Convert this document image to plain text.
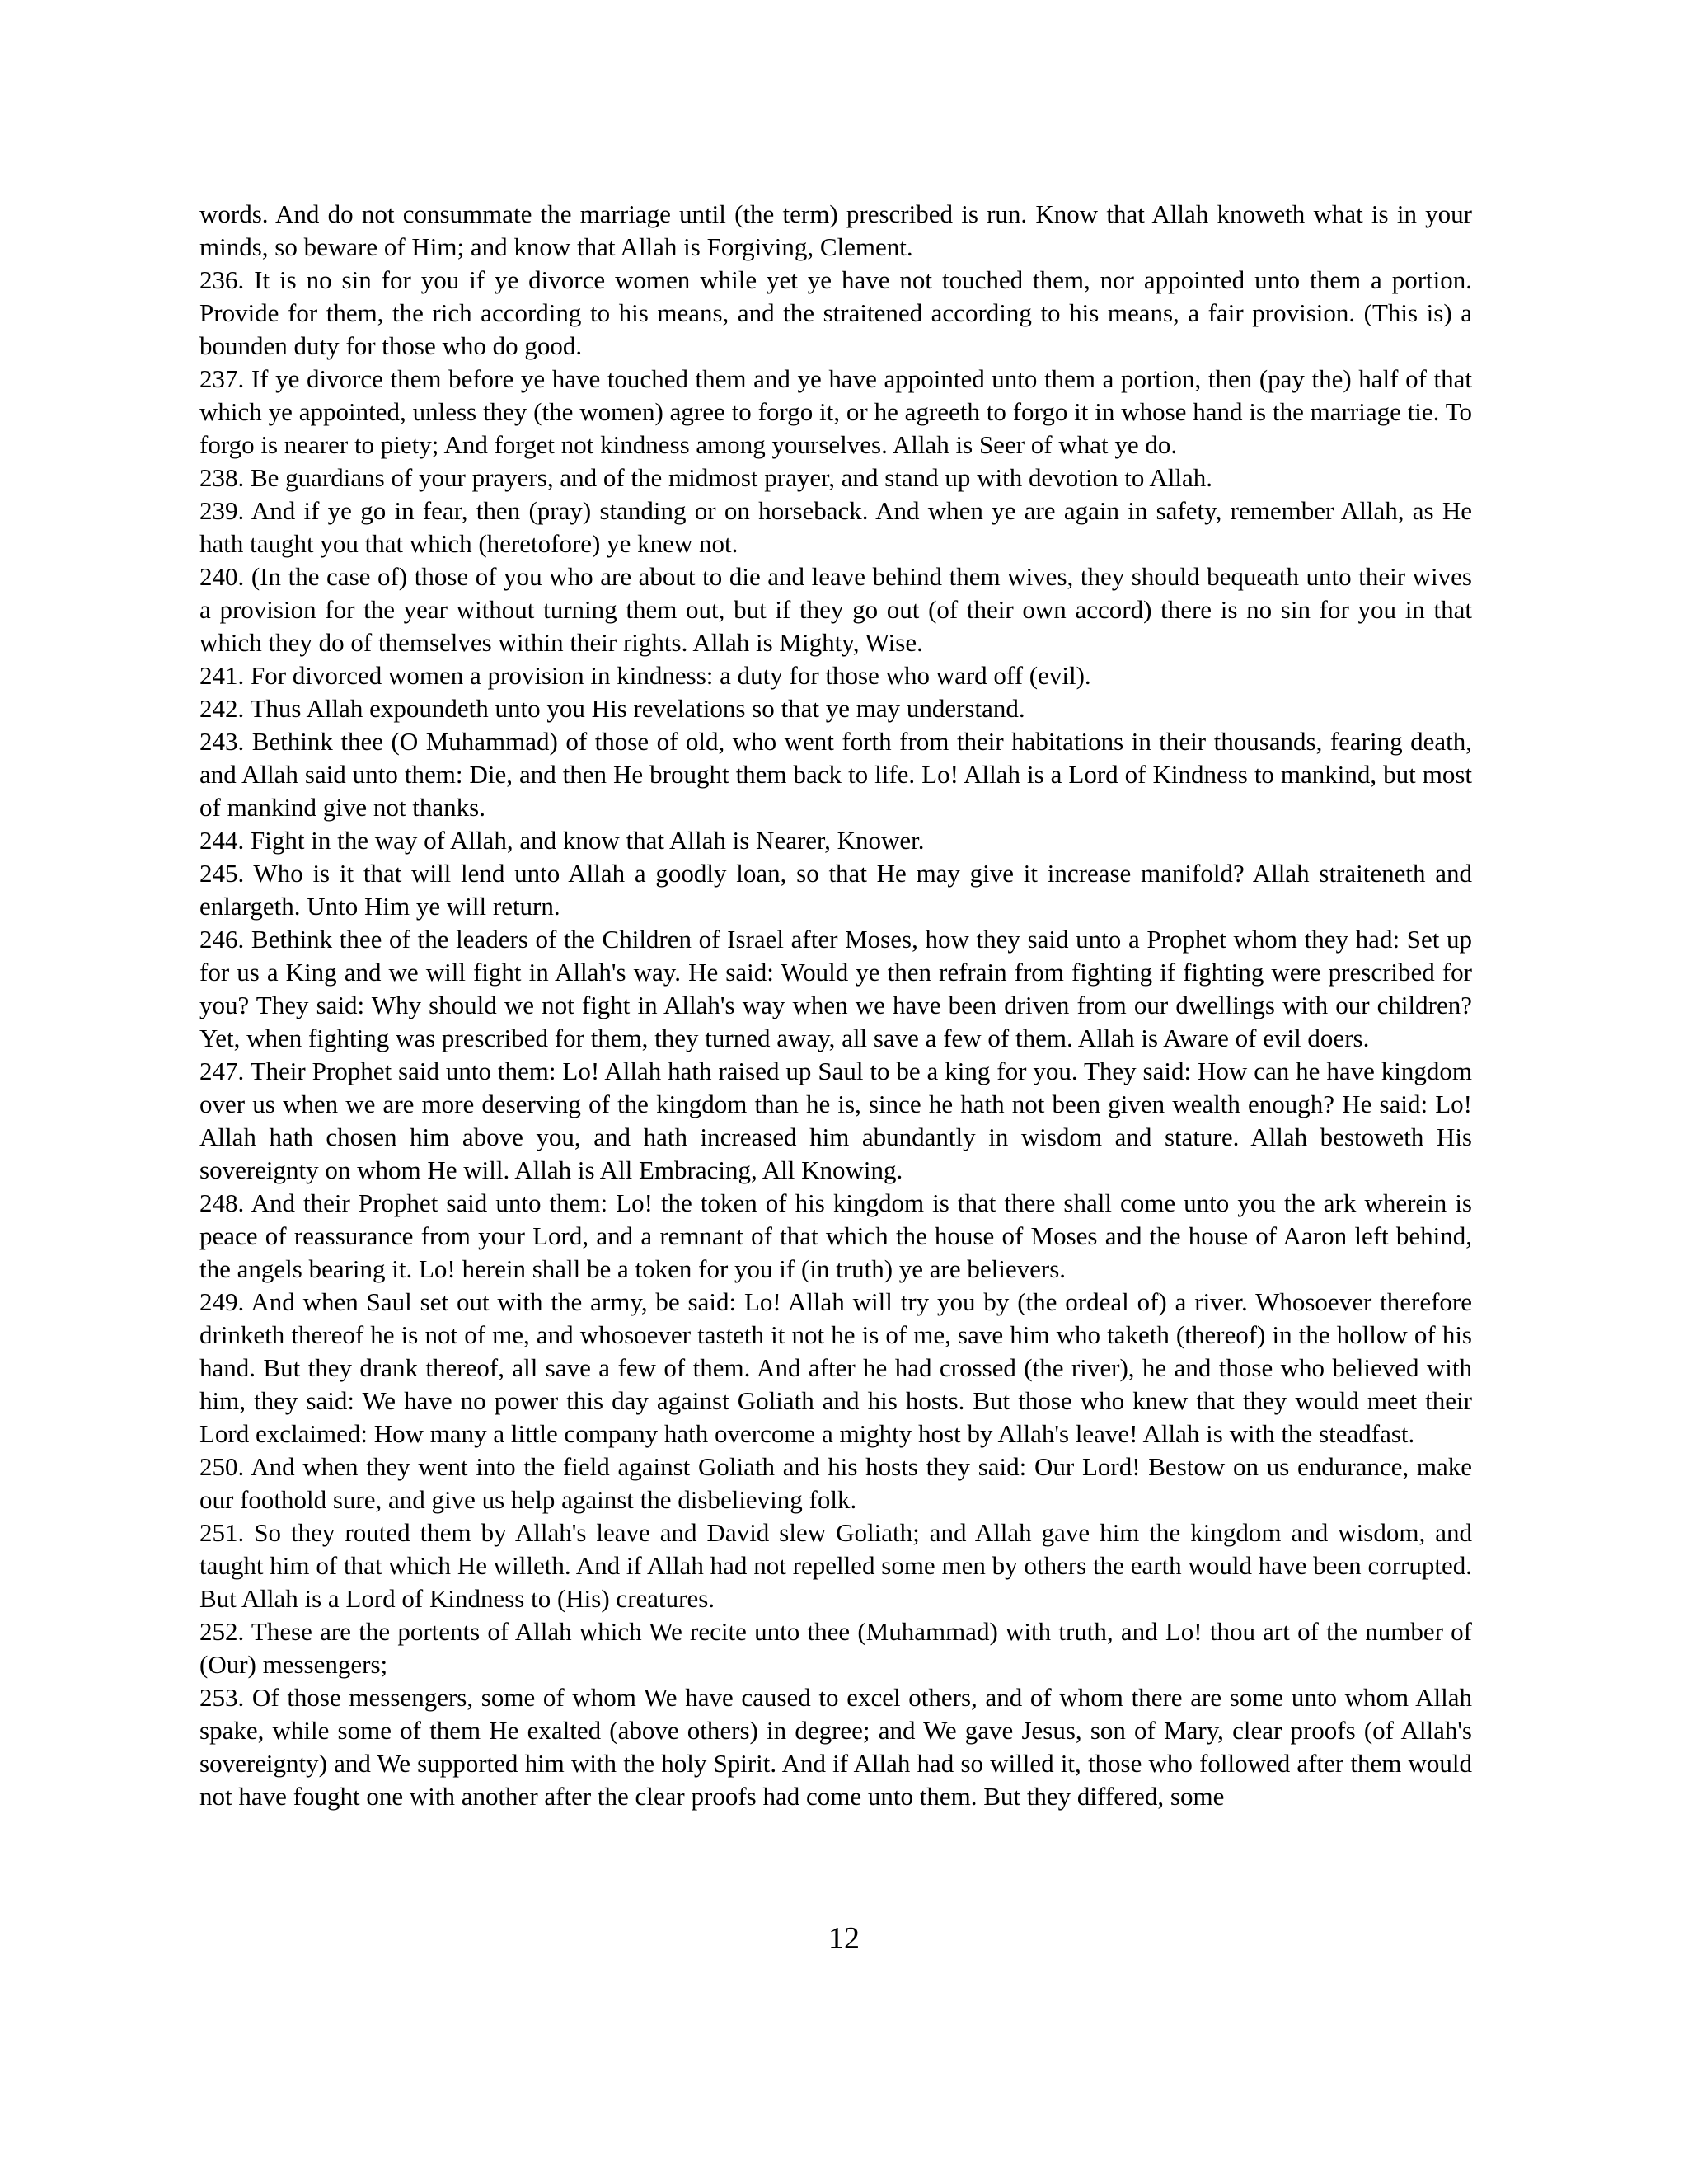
words. And do not consummate the marriage until (the term) prescribed is run. Know that Allah knoweth what is in your minds, so beware of Him; and know that Allah is Forgiving, Clement.

236. It is no sin for you if ye divorce women while yet ye have not touched them, nor appointed unto them a portion. Provide for them, the rich according to his means, and the straitened according to his means, a fair provision. (This is) a bounden duty for those who do good.

237. If ye divorce them before ye have touched them and ye have appointed unto them a portion, then (pay the) half of that which ye appointed, unless they (the women) agree to forgo it, or he agreeth to forgo it in whose hand is the marriage tie. To forgo is nearer to piety; And forget not kindness among yourselves. Allah is Seer of what ye do.

238. Be guardians of your prayers, and of the midmost prayer, and stand up with devotion to Allah.

239. And if ye go in fear, then (pray) standing or on horseback. And when ye are again in safety, remember Allah, as He hath taught you that which (heretofore) ye knew not.

240. (In the case of) those of you who are about to die and leave behind them wives, they should bequeath unto their wives a provision for the year without turning them out, but if they go out (of their own accord) there is no sin for you in that which they do of themselves within their rights. Allah is Mighty, Wise.

241. For divorced women a provision in kindness: a duty for those who ward off (evil).

242. Thus Allah expoundeth unto you His revelations so that ye may understand.

243. Bethink thee (O Muhammad) of those of old, who went forth from their habitations in their thousands, fearing death, and Allah said unto them: Die, and then He brought them back to life. Lo! Allah is a Lord of Kindness to mankind, but most of mankind give not thanks.

244. Fight in the way of Allah, and know that Allah is Nearer, Knower.

245. Who is it that will lend unto Allah a goodly loan, so that He may give it increase manifold? Allah straiteneth and enlargeth. Unto Him ye will return.

246. Bethink thee of the leaders of the Children of Israel after Moses, how they said unto a Prophet whom they had: Set up for us a King and we will fight in Allah's way. He said: Would ye then refrain from fighting if fighting were prescribed for you? They said: Why should we not fight in Allah's way when we have been driven from our dwellings with our children? Yet, when fighting was prescribed for them, they turned away, all save a few of them. Allah is Aware of evil doers.

247. Their Prophet said unto them: Lo! Allah hath raised up Saul to be a king for you. They said: How can he have kingdom over us when we are more deserving of the kingdom than he is, since he hath not been given wealth enough? He said: Lo! Allah hath chosen him above you, and hath increased him abundantly in wisdom and stature. Allah bestoweth His sovereignty on whom He will. Allah is All Embracing, All Knowing.

248. And their Prophet said unto them: Lo! the token of his kingdom is that there shall come unto you the ark wherein is peace of reassurance from your Lord, and a remnant of that which the house of Moses and the house of Aaron left behind, the angels bearing it. Lo! herein shall be a token for you if (in truth) ye are believers.

249. And when Saul set out with the army, be said: Lo! Allah will try you by (the ordeal of) a river. Whosoever therefore drinketh thereof he is not of me, and whosoever tasteth it not he is of me, save him who taketh (thereof) in the hollow of his hand. But they drank thereof, all save a few of them. And after he had crossed (the river), he and those who believed with him, they said: We have no power this day against Goliath and his hosts. But those who knew that they would meet their Lord exclaimed: How many a little company hath overcome a mighty host by Allah's leave! Allah is with the steadfast.

250. And when they went into the field against Goliath and his hosts they said: Our Lord! Bestow on us endurance, make our foothold sure, and give us help against the disbelieving folk.

251. So they routed them by Allah's leave and David slew Goliath; and Allah gave him the kingdom and wisdom, and taught him of that which He willeth. And if Allah had not repelled some men by others the earth would have been corrupted. But Allah is a Lord of Kindness to (His) creatures.

252. These are the portents of Allah which We recite unto thee (Muhammad) with truth, and Lo! thou art of the number of (Our) messengers;

253. Of those messengers, some of whom We have caused to excel others, and of whom there are some unto whom Allah spake, while some of them He exalted (above others) in degree; and We gave Jesus, son of Mary, clear proofs (of Allah's sovereignty) and We supported him with the holy Spirit. And if Allah had so willed it, those who followed after them would not have fought one with another after the clear proofs had come unto them. But they differed, some

12
